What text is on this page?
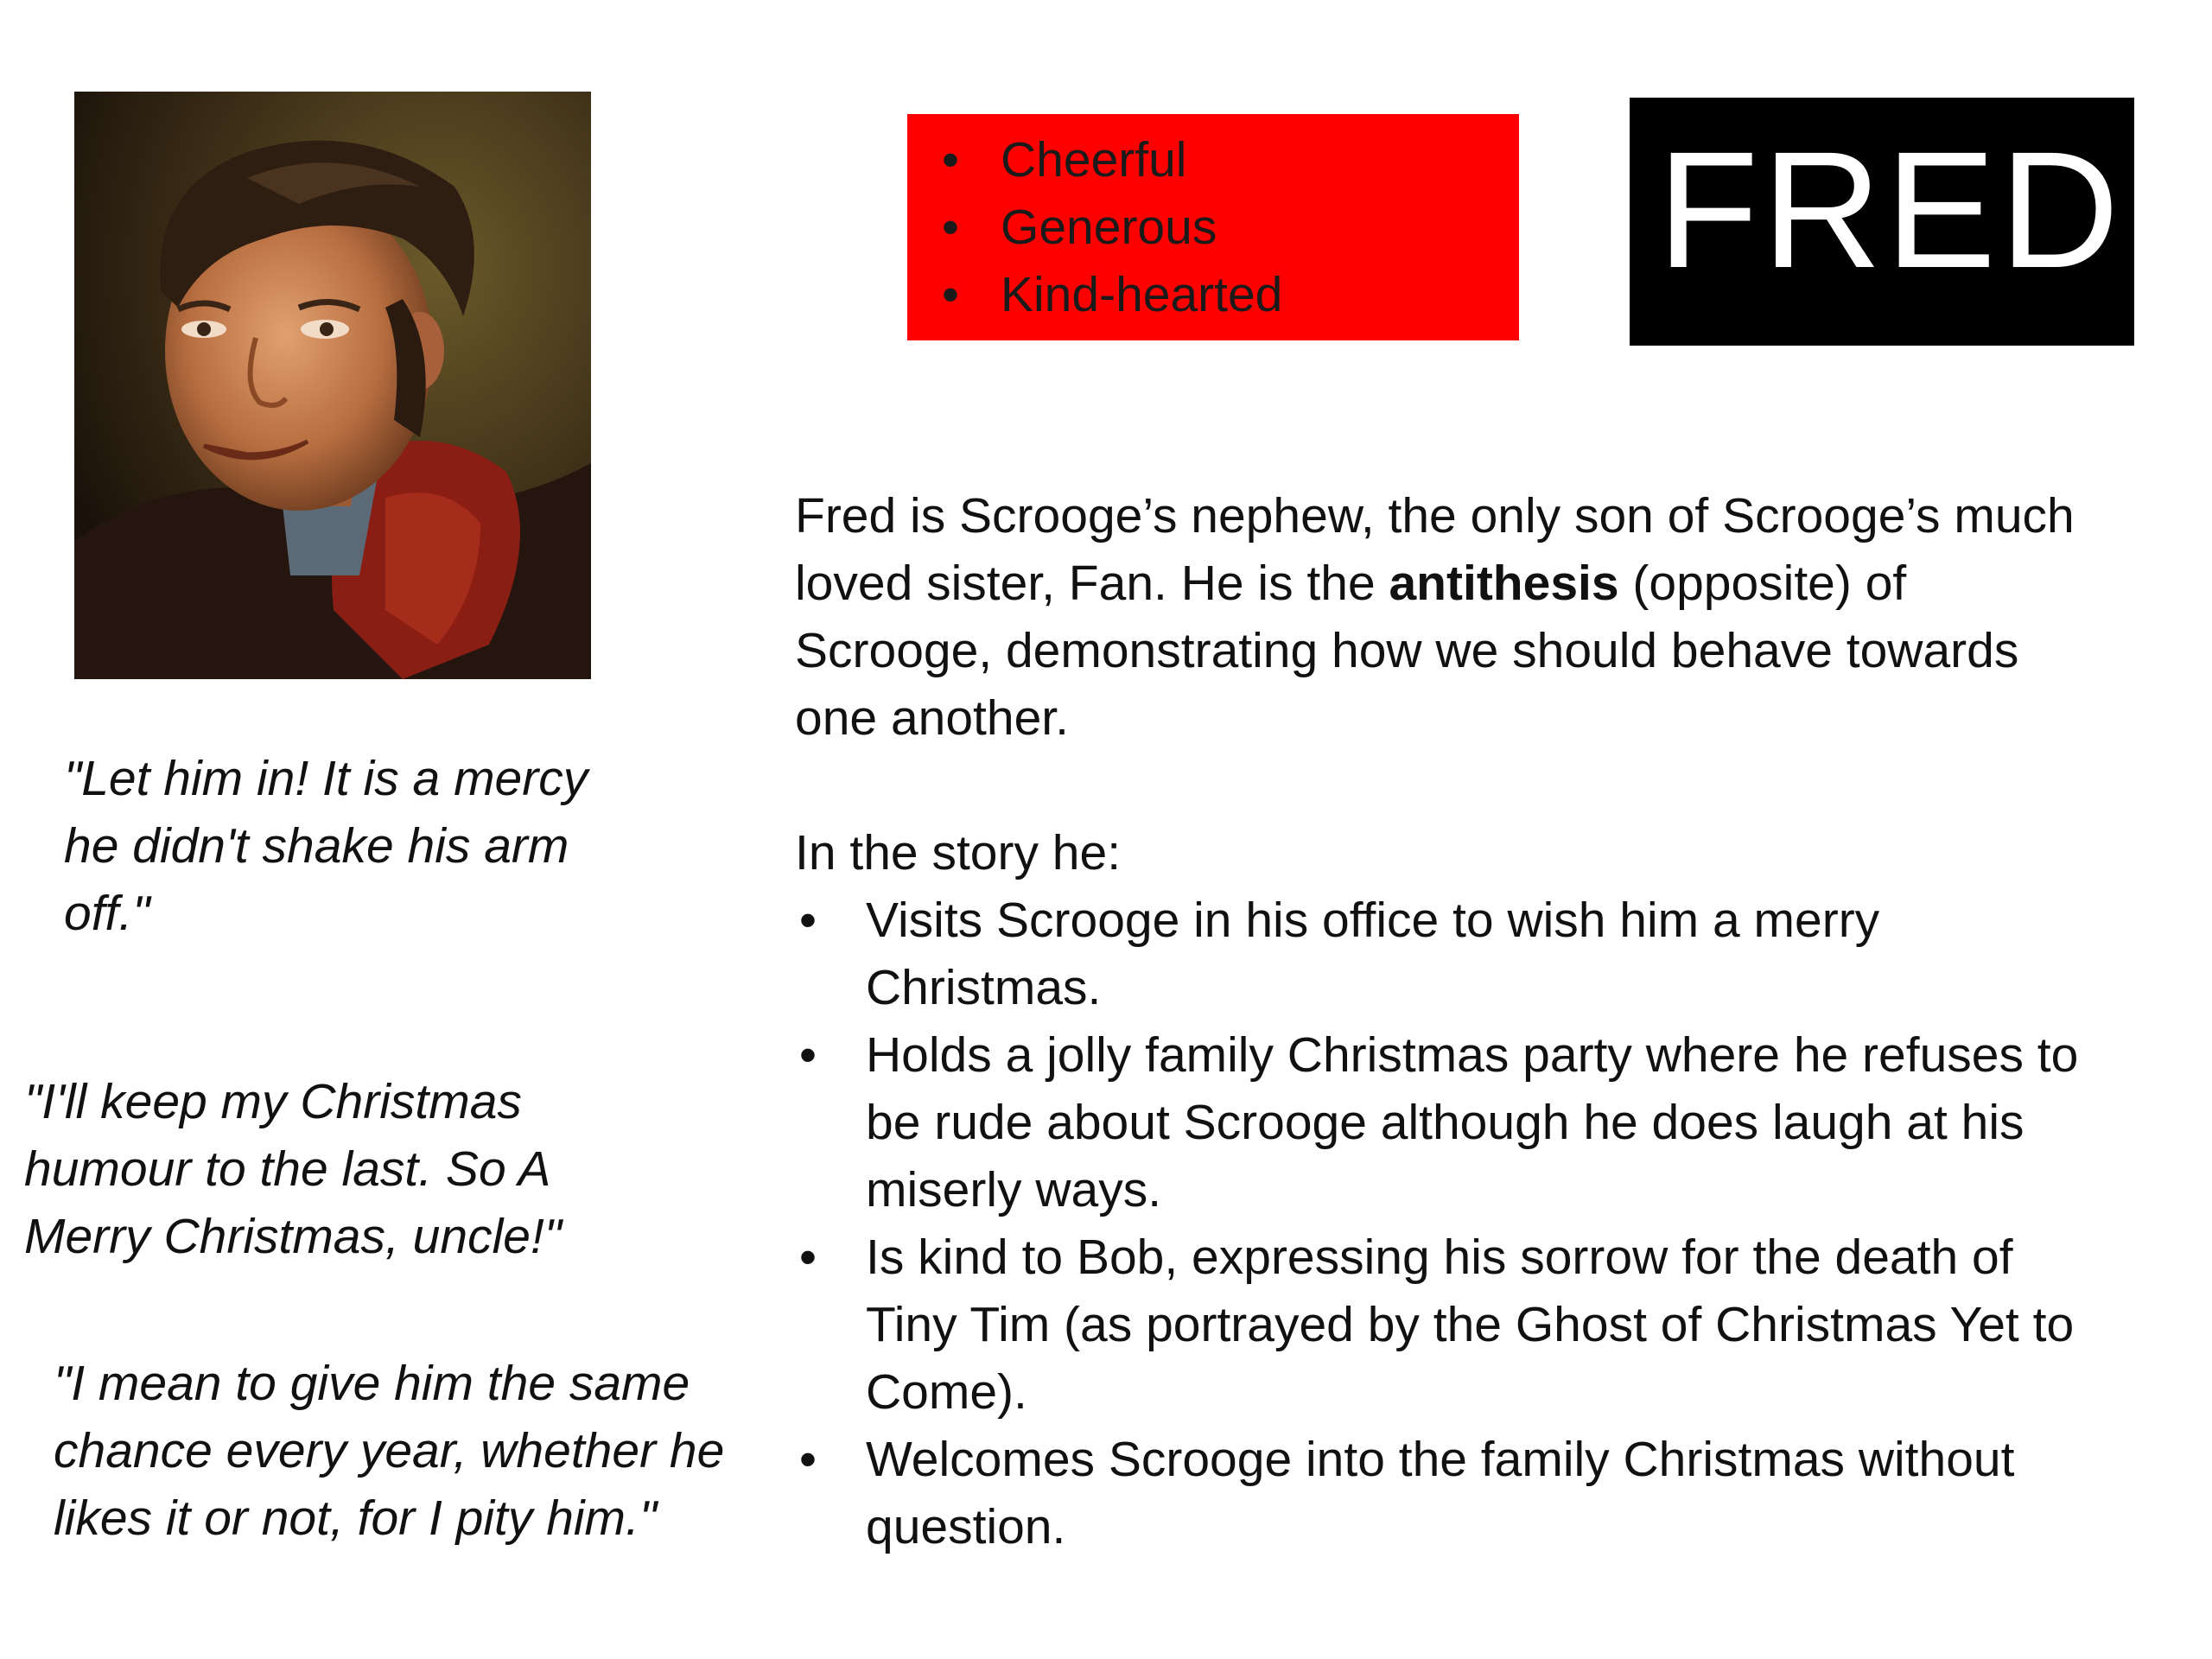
• Cheerful
• Generous
• Kind-hearted	FRED
"Let him in! It is a mercy he didn't shake his arm off."
"I'll keep my Christmas humour to the last. So A Merry Christmas, uncle!"
"I mean to give him the same chance every year, whether he likes it or not, for I pity him."

Fred is Scrooge’s nephew, the only son of Scrooge’s much loved sister, Fan. He is the antithesis (opposite) of Scrooge, demonstrating how we should behave towards one another.

In the story he:
• Visits Scrooge in his office to wish him a merry Christmas.
• Holds a jolly family Christmas party where he refuses to be rude about Scrooge although he does laugh at his miserly ways.
• Is kind to Bob, expressing his sorrow for the death of Tiny Tim (as portrayed by the Ghost of Christmas Yet to Come).
• Welcomes Scrooge into the family Christmas without question.
